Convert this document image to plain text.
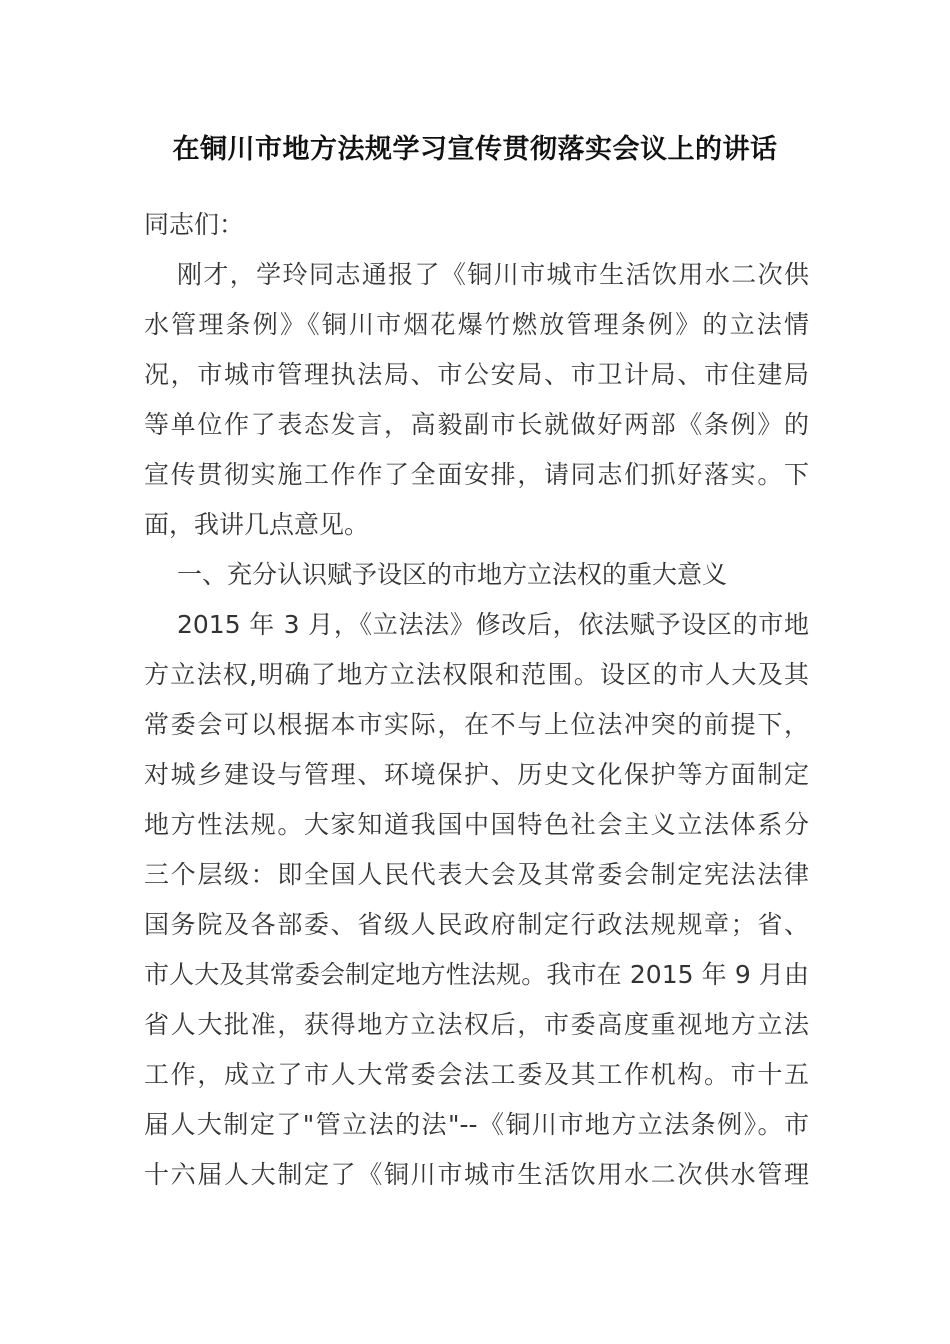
在铜川市地方法规学习宣传贯彻落实会议上的讲话
同志们：
刚才，学玲同志通报了《铜川市城市生活饮用水二次供
水管理条例》《铜川市烟花爆竹燃放管理条例》的立法情
况，市城市管理执法局、市公安局、市卫计局、市住建局
等单位作了表态发言，高毅副市长就做好两部《条例》的
宣传贯彻实施工作作了全面安排，请同志们抓好落实。下
面，我讲几点意见。
一、充分认识赋予设区的市地方立法权的重大意义
2015 年 3 月，《立法法》修改后，依法赋予设区的市地
方立法权,明确了地方立法权限和范围。设区的市人大及其
常委会可以根据本市实际，在不与上位法冲突的前提下，
对城乡建设与管理、环境保护、历史文化保护等方面制定
地方性法规。大家知道我国中国特色社会主义立法体系分
三个层级：即全国人民代表大会及其常委会制定宪法法律
国务院及各部委、省级人民政府制定行政法规规章；省、
市人大及其常委会制定地方性法规。我市在 2015 年 9 月由
省人大批准，获得地方立法权后，市委高度重视地方立法
工作，成立了市人大常委会法工委及其工作机构。市十五
届人大制定了"管立法的法"--《铜川市地方立法条例》。市
十六届人大制定了《铜川市城市生活饮用水二次供水管理
